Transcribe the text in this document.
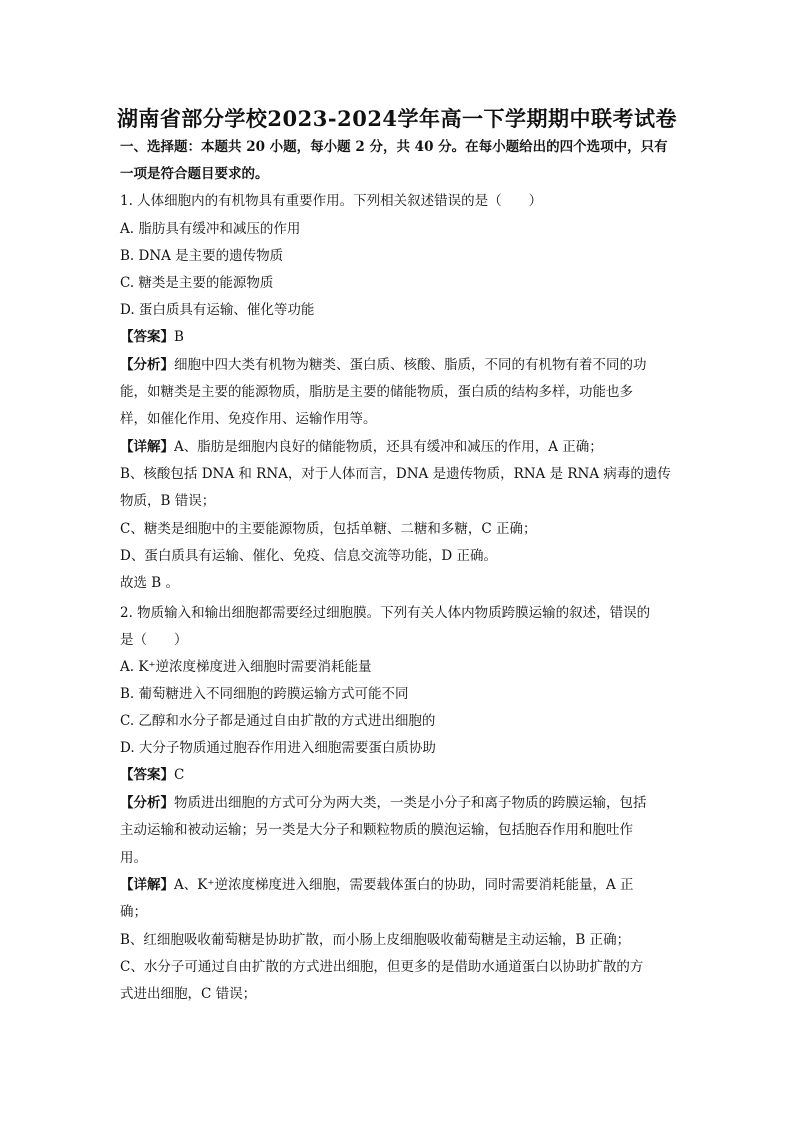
湖南省部分学校2023-2024学年高一下学期期中联考试卷
一、选择题：本题共 20 小题，每小题 2 分，共 40 分。在每小题给出的四个选项中，只有
一项是符合题目要求的。
1. 人体细胞内的有机物具有重要作用。下列相关叙述错误的是（　　）
A. 脂肪具有缓冲和减压的作用
B. DNA 是主要的遗传物质
C. 糖类是主要的能源物质
D. 蛋白质具有运输、催化等功能
【答案】B
【分析】细胞中四大类有机物为糖类、蛋白质、核酸、脂质，不同的有机物有着不同的功
能，如糖类是主要的能源物质，脂肪是主要的储能物质，蛋白质的结构多样，功能也多
样，如催化作用、免疫作用、运输作用等。
【详解】A、脂肪是细胞内良好的储能物质，还具有缓冲和减压的作用，A 正确；
B、核酸包括 DNA 和 RNA，对于人体而言，DNA 是遗传物质，RNA 是 RNA 病毒的遗传
物质，B 错误；
C、糖类是细胞中的主要能源物质，包括单糖、二糖和多糖，C 正确；
D、蛋白质具有运输、催化、免疫、信息交流等功能，D 正确。
故选 B 。
2. 物质输入和输出细胞都需要经过细胞膜。下列有关人体内物质跨膜运输的叙述，错误的
是（　　）
A. K⁺逆浓度梯度进入细胞时需要消耗能量
B. 葡萄糖进入不同细胞的跨膜运输方式可能不同
C. 乙醇和水分子都是通过自由扩散的方式进出细胞的
D. 大分子物质通过胞吞作用进入细胞需要蛋白质协助
【答案】C
【分析】物质进出细胞的方式可分为两大类，一类是小分子和离子物质的跨膜运输，包括
主动运输和被动运输；另一类是大分子和颗粒物质的膜泡运输，包括胞吞作用和胞吐作
用。
【详解】A、K⁺逆浓度梯度进入细胞，需要载体蛋白的协助，同时需要消耗能量，A 正
确；
B、红细胞吸收葡萄糖是协助扩散，而小肠上皮细胞吸收葡萄糖是主动运输，B 正确；
C、水分子可通过自由扩散的方式进出细胞，但更多的是借助水通道蛋白以协助扩散的方
式进出细胞，C 错误；
